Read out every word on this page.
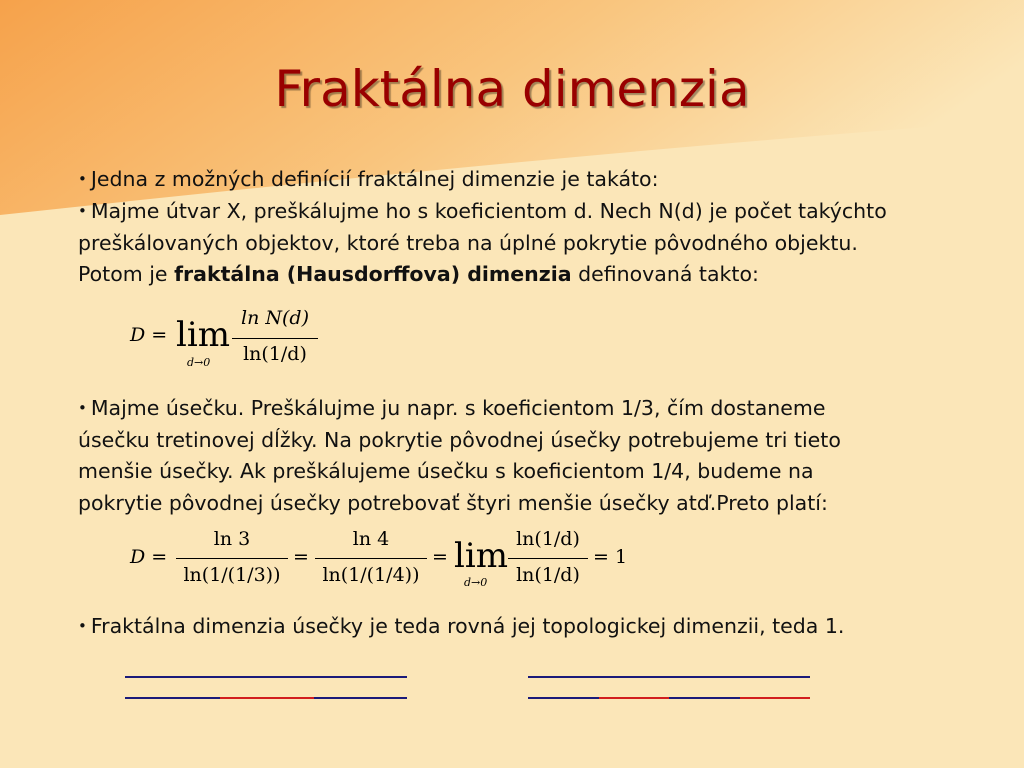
Fraktálna dimenzia

• Jedna z možných definícií fraktálnej dimenzie je takáto:

• Majme útvar X, preškálujme ho s koeficientom d. Nech N(d) je počet takýchto
preškálovaných objektov, ktoré treba na úplné pokrytie pôvodného objektu.
Potom je fraktálna (Hausdorffova) dimenzia definovaná takto:

D = lim
d→0
ln N(d)
ln(1/d)

• Majme úsečku. Preškálujme ju napr. s koeficientom 1/3, čím dostaneme
úsečku tretinovej dĺžky. Na pokrytie pôvodnej úsečky potrebujeme tri tieto
menšie úsečky. Ak preškálujeme úsečku s koeficientom 1/4, budeme na
pokrytie pôvodnej úsečky potrebovať štyri menšie úsečky atď.Preto platí:

D =
ln 3
ln(1/(1/3))
=
ln 4
ln(1/(1/4))
= lim
d→0
ln(1/d)
ln(1/d)
= 1

• Fraktálna dimenzia úsečky je teda rovná jej topologickej dimenzii, teda 1.
